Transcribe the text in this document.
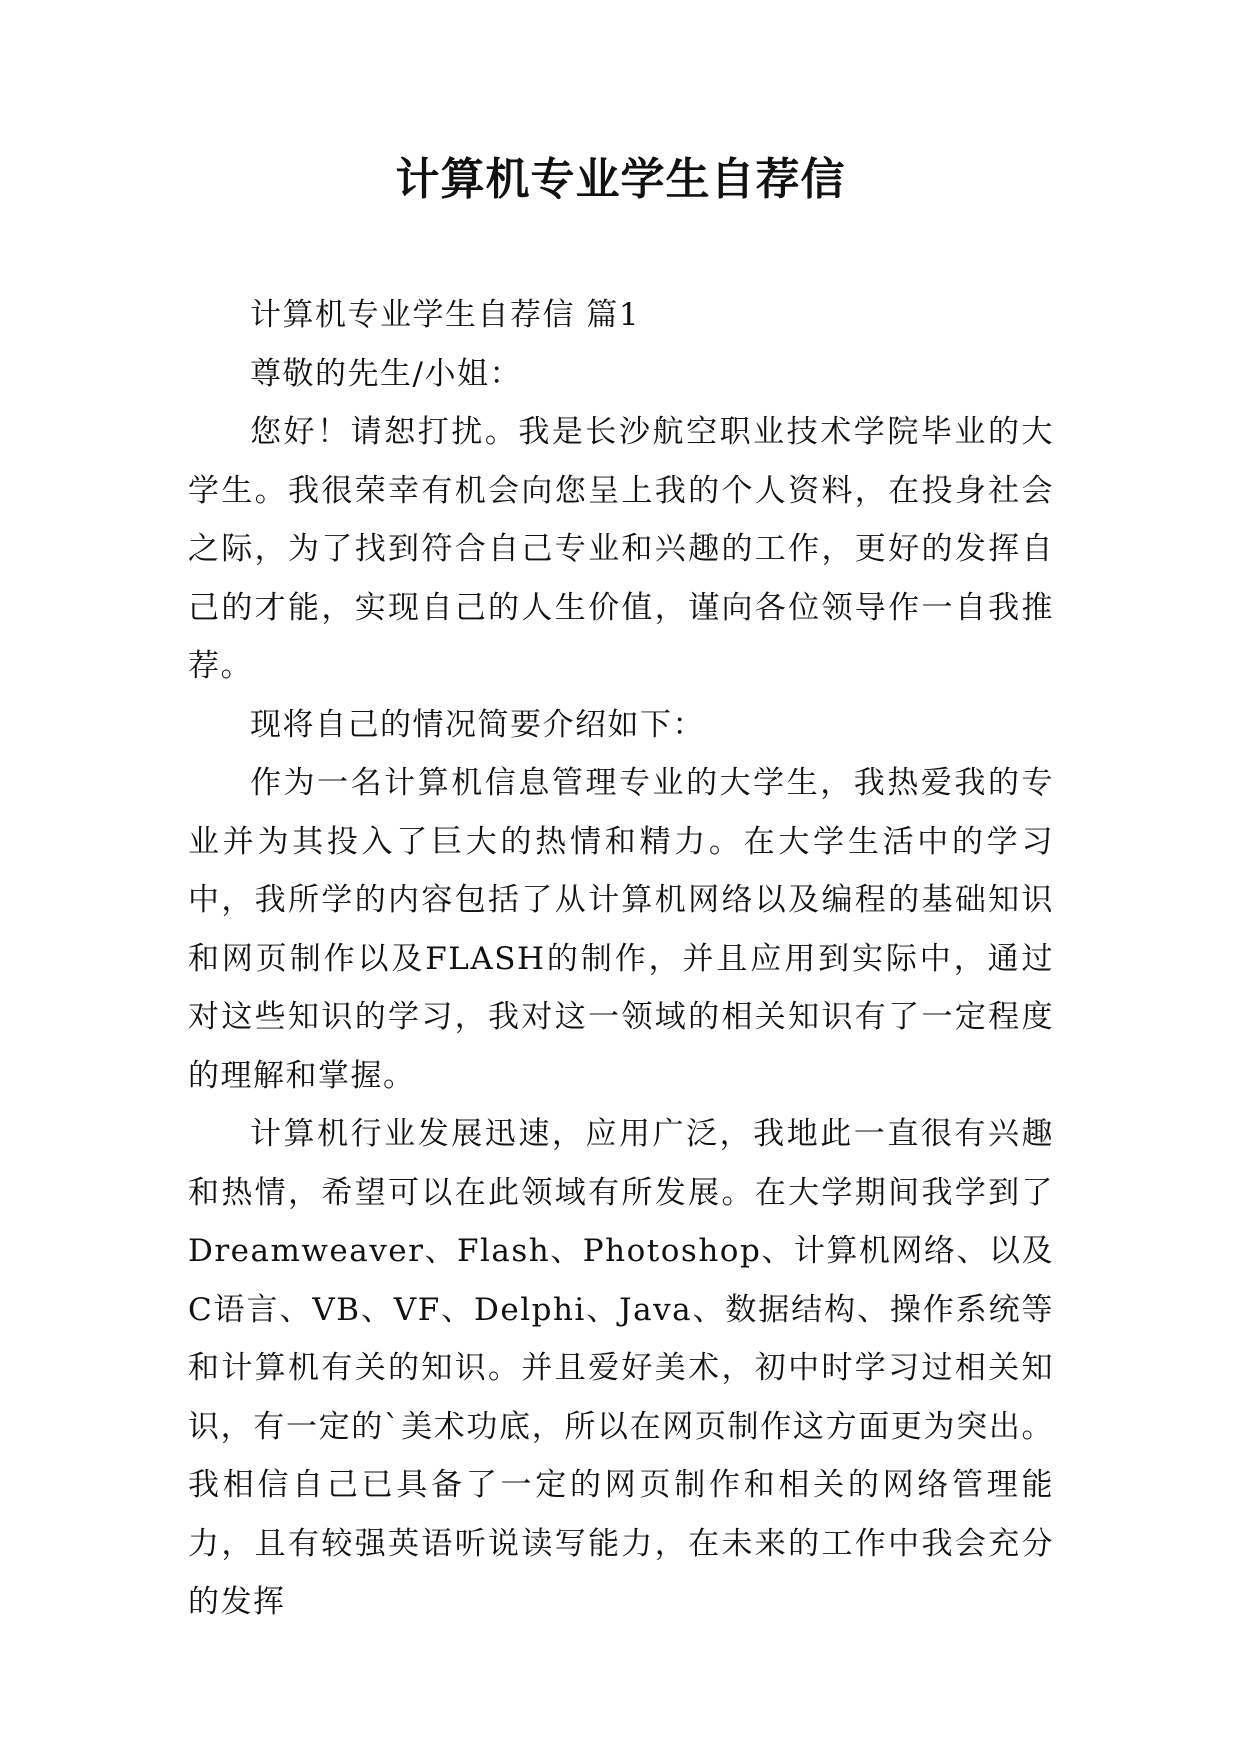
计算机专业学生自荐信

计算机专业学生自荐信 篇1

尊敬的先生/小姐：

您好！请恕打扰。我是长沙航空职业技术学院毕业的大学生。我很荣幸有机会向您呈上我的个人资料，在投身社会之际，为了找到符合自己专业和兴趣的工作，更好的发挥自己的才能，实现自己的人生价值，谨向各位领导作一自我推荐。

现将自己的情况简要介绍如下：

作为一名计算机信息管理专业的大学生，我热爱我的专业并为其投入了巨大的热情和精力。在大学生活中的学习中，我所学的内容包括了从计算机网络以及编程的基础知识和网页制作以及FLASH的制作，并且应用到实际中，通过对这些知识的学习，我对这一领域的相关知识有了一定程度的理解和掌握。

计算机行业发展迅速，应用广泛，我地此一直很有兴趣和热情，希望可以在此领域有所发展。在大学期间我学到了Dreamweaver、Flash、Photoshop、计算机网络、以及C语言、VB、VF、Delphi、Java、数据结构、操作系统等和计算机有关的知识。并且爱好美术，初中时学习过相关知识，有一定的`美术功底，所以在网页制作这方面更为突出。我相信自己已具备了一定的网页制作和相关的网络管理能力，且有较强英语听说读写能力，在未来的工作中我会充分的发挥
